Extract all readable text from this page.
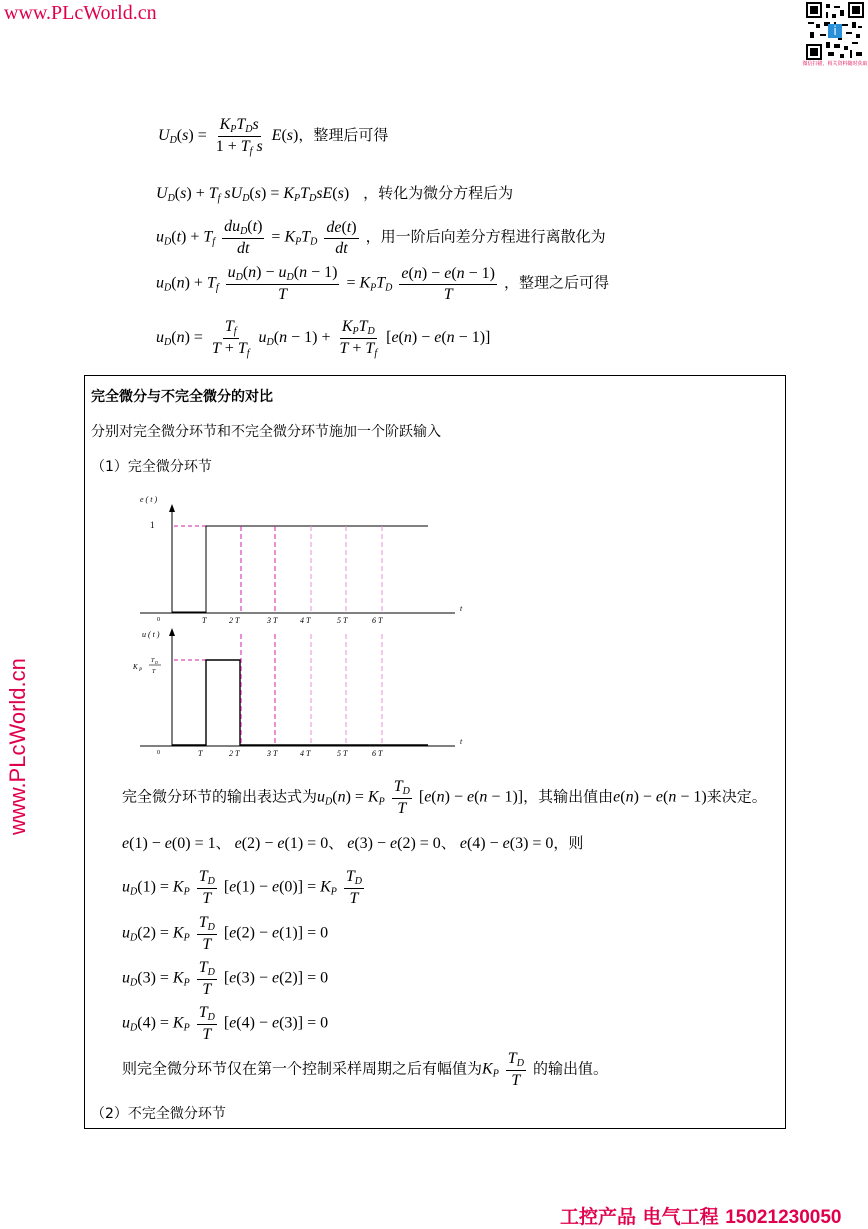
www.PLcWorld.cn
www.PLcWorld.cn
i
微信扫描，相关资料随时获取
$U_D(s) = \frac{K_PT_Ds}{1 + T_f s} E(s)$，整理后可得
$U_D(s) + T_f$ $sU_D(s) = K_PT_DsE(s)$ ，转化为微分方程后为
$u_D(t) + T_f \frac{du_D(t)}{dt} = K_PT_D \frac{de(t)}{dt}$ ，用一阶后向差分方程进行离散化为
$u_D(n) + T_f \frac{u_D(n) - u_D(n - 1)}{T} = K_PT_D \frac{e(n) - e(n - 1)}{T}$ ，整理之后可得
$u_D(n) = \frac{T_f}{T + T_f} u_D(n - 1) + \frac{K_PT_D}{T + T_f} [e(n) - e(n - 1)]$
完全微分与不完全微分的对比
分别对完全微分环节和不完全微分环节施加一个阶跃输入
（1）完全微分环节
e ( t )
t
1
0	T	2 T	3 T	4 T	5 T	6 T
u ( t )
t
K P
T D
T
0	T	2 T	3 T	4 T	5 T	6 T
完全微分环节的输出表达式为$u_D(n) = K_P \frac{T_D}{T} [e(n) - e(n - 1)]$，其输出值由e(n) − e(n − 1)来决定。
e(1) − e(0) = 1、 e(2) − e(1) = 0、 e(3) − e(2) = 0、 e(4) − e(3) = 0，则
$u_D(1) = K_P \frac{T_D}{T} [e(1) - e(0)] = K_P \frac{T_D}{T}$
$u_D(2) = K_P \frac{T_D}{T} [e(2) - e(1)] = 0$
$u_D(3) = K_P \frac{T_D}{T} [e(3) - e(2)] = 0$
$u_D(4) = K_P \frac{T_D}{T} [e(4) - e(3)] = 0$
则完全微分环节仅在第一个控制采样周期之后有幅值为$K_P \frac{T_D}{T}$ 的输出值。
（2）不完全微分环节
工控产品 电气工程 15021230050
